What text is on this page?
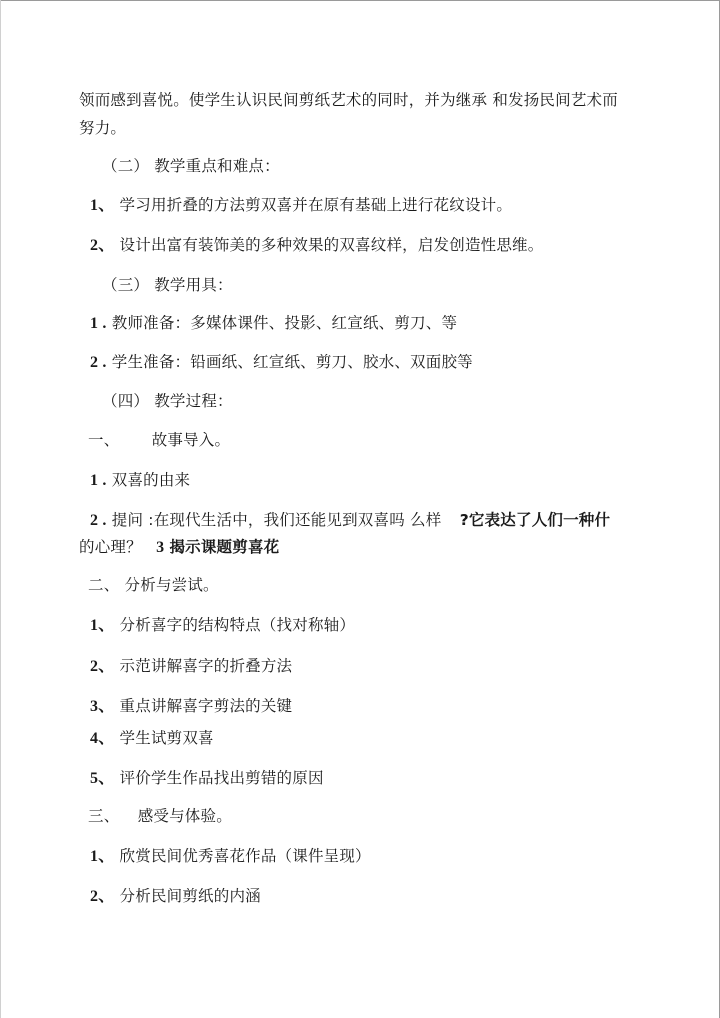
领而感到喜悦。使学生认识民间剪纸艺术的同时，并为继承 和发扬民间艺术而
努力。
（二） 教学重点和难点：
1、 学习用折叠的方法剪双喜并在原有基础上进行花纹设计。
2、 设计出富有装饰美的多种效果的双喜纹样，启发创造性思维。
（三） 教学用具：
1 . 教师准备：多媒体课件、投影、红宣纸、剪刀、等
2 . 学生准备：铅画纸、红宣纸、剪刀、胶水、双面胶等
（四） 教学过程：
一、 故事导入。
1 . 双喜的由来
2 . 提问 :在现代生活中，我们还能见到双喜吗 么样 ?它表达了人们一种什
的心理？ 3 揭示课题剪喜花
二、 分析与尝试。
1、 分析喜字的结构特点（找对称轴）
2、 示范讲解喜字的折叠方法
3、 重点讲解喜字剪法的关键
4、 学生试剪双喜
5、 评价学生作品找出剪错的原因
三、 感受与体验。
1、 欣赏民间优秀喜花作品（课件呈现）
2、 分析民间剪纸的内涵
